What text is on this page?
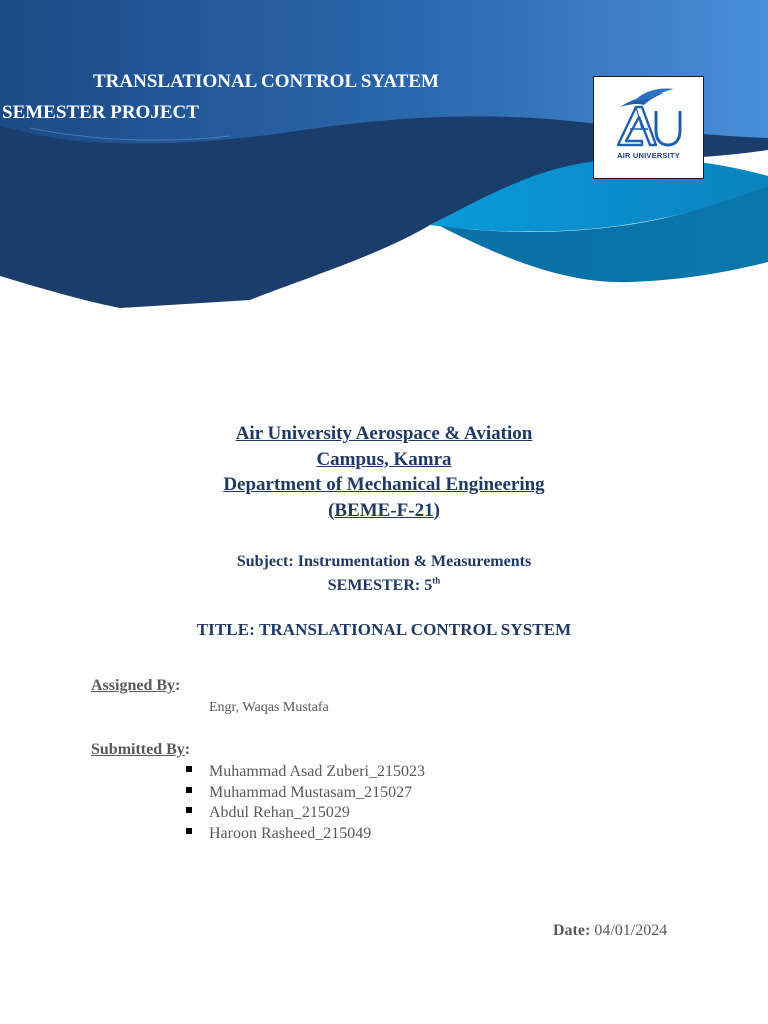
TRANSLATIONAL CONTROL SYATEM
SEMESTER PROJECT
AIR UNIVERSITY
Air University Aerospace & Aviation
Campus, Kamra
Department of Mechanical Engineering
(BEME-F-21)
Subject: Instrumentation & Measurements
SEMESTER: 5th
TITLE: TRANSLATIONAL CONTROL SYSTEM
Assigned By:
Engr, Waqas Mustafa
Submitted By:
Muhammad Asad Zuberi_215023
Muhammad Mustasam_215027
Abdul Rehan_215029
Haroon Rasheed_215049
Date: 04/01/2024
